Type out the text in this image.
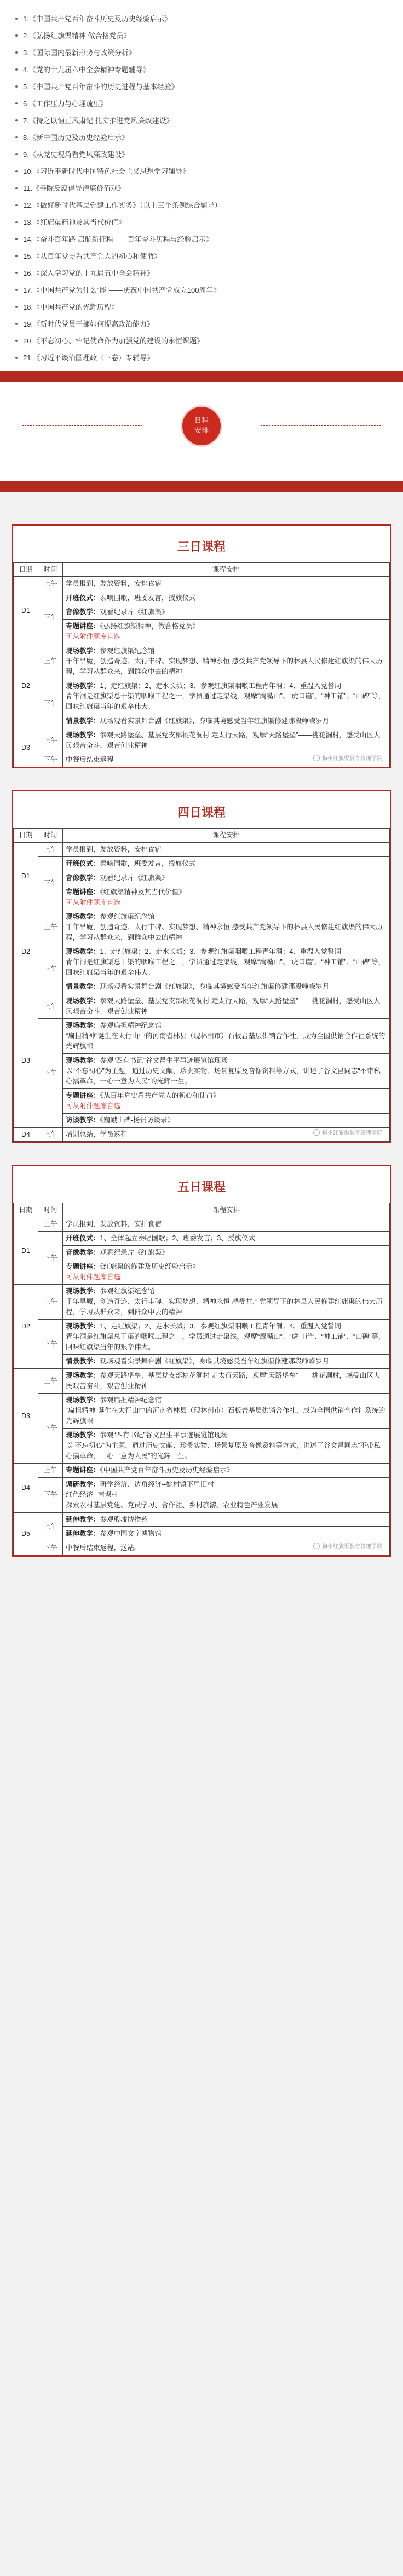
1.《中国共产党百年奋斗历史及历史经验启示》
2.《弘扬红旗渠精神 做合格党员》
3.《国际国内最新形势与政策分析》
4.《党的十九届六中全会精神专题辅导》
5.《中国共产党百年奋斗的历史进程与基本经验》
6.《工作压力与心理疏压》
7.《持之以恒正风肃纪 扎实推进党风廉政建设》
8.《新中国历史及历史经验启示》
9.《从党史视角看党风廉政建设》
10.《习近平新时代中国特色社会主义思想学习辅导》
11.《寺院反腐倡导清廉价值观》
12.《做好新时代基层党建工作实务》（以上三个条例综合辅导）
13.《红旗渠精神及其当代价值》
14.《奋斗百年路 启航新征程——百年奋斗历程与经验启示》
15.《从百年党史看共产党人的初心和使命》
16.《深入学习党的十九届五中全会精神》
17.《中国共产党为什么“能”——庆祝中国共产党成立100周年》
18.《中国共产党的光辉历程》
19.《新时代党员干部如何提高政治能力》
20.《不忘初心、牢记使命作为加强党的建设的永恒课题》
21.《习近平谈治国理政（三卷）专辅导》
日程
安排
三日课程
日期	时间	课程安排
D1	上午	学员报到，发放资料，安排食宿
	下午	开班仪式：泰嘀国歌，班委发言，授旗仪式
		音像教学：观看纪录片《红旗渠》
		专题讲座：《弘扬红旗渠精神，做合格党员》
可从附件题库自选
D2	上午	现场教学：参观红旗渠纪念馆
千年旱魔，创造奇迹、太行丰碑、实现梦想、精神永恒 感受共产党领导下的林县人民修建红旗渠的伟大历程，学习从群众来，到群众中去的精神
	下午	现场教学：1、走红旗渠；2、走水长城；3、参观红旗渠咽喉工程青年洞；4、重温入党誓词
青年洞是红旗渠总干渠的咽喉工程之一，学员通过走渠线，观摩“鹰嘴山”、“虎口崖”、“神工铺”、“山碑”等，回味红旗渠当年的艰辛伟大。
		情景教学：现场观看实景舞台剧《红旗渠》，身临其境感受当年红旗渠修建那段峥嵘岁月
D3	上午	现场教学：参观天路堡垒、基层党支部桃花洞村 走太行天路，观摩“天路堡垒”——桃花洞村，感受山区人民艰苦奋斗，艰苦创业精神
	下午	中餐后结束返程	梅州红旗渠教育管理学院
四日课程
日期	时间	课程安排
D1	上午	学员报到，发放资料，安排食宿
	下午	开班仪式：泰嘀国歌，班委发言，授旗仪式
		音像教学：观看纪录片《红旗渠》
		专题讲座：《红旗渠精神及其当代价值》
可从附件题库自选
D2	上午	现场教学：参观红旗渠纪念馆
千年旱魔，创造奇迹、太行丰碑、实现梦想、精神永恒 感受共产党领导下的林县人民修建红旗渠的伟大历程，学习从群众来，到群众中去的精神
	下午	现场教学：1、走红旗渠；2、走水长城；3、参观红旗渠咽喉工程青年洞；4、重温入党誓词
青年洞是红旗渠总干渠的咽喉工程之一，学员通过走渠线，观摩“鹰嘴山”、“虎口崖”、“神工铺”、“山碑”等，回味红旗渠当年的艰辛伟大。
		情景教学：现场观看实景舞台剧《红旗渠》，身临其境感受当年红旗渠修建那段峥嵘岁月
D3	上午	现场教学：参观天路堡垒、基层党支部桃花洞村 走太行天路，观摩“天路堡垒”——桃花洞村，感受山区人民艰苦奋斗，艰苦创业精神
	下午	现场教学：参观扁担精神纪念馆
“扁担精神”诞生在太行山中的河南省林县（现林州市）石板岩基层供销合作社，成为全国供销合作社系统的光辉旗帜
		现场教学：参观“四有书记”谷文昌生平事迹展览馆现场
以“不忘初心”为主题，通过历史文献、珍贵实物、场景复原及音像资料等方式，讲述了谷文昌同志“不带私心搞革命，一心一意为人民”的光辉一生。
		专题讲座：《从百年党史看共产党人的初心和使命》
可从附件题库自选
		访谈教学：《巍峨山碑-杨贵访谈录》
D4	上午	培训总结，学员返程	梅州红旗渠教育管理学院
五日课程
日期	时间	课程安排
D1	上午	学员报到，发放资料，安排食宿
	下午	开班仪式：1、全体起立奏唱国歌；2、班委发言；3、授旗仪式
		音像教学：观看纪录片《红旗渠》
		专题讲座：《红旗渠的修建及历史经验启示》
可从附件题库自选
D2	上午	现场教学：参观红旗渠纪念馆
千年旱魔，创造奇迹、太行丰碑、实现梦想、精神永恒 感受共产党领导下的林县人民修建红旗渠的伟大历程，学习从群众来，到群众中去的精神
	下午	现场教学：1、走红旗渠；2、走水长城；3、参观红旗渠咽喉工程青年洞；4、重温入党誓词
青年洞是红旗渠总干渠的咽喉工程之一，学员通过走渠线，观摩“鹰嘴山”、“虎口崖”、“神工铺”、“山碑”等，回味红旗渠当年的艰辛伟大。
		情景教学：现场观看实景舞台剧《红旗渠》，身临其境感受当年红旗渠修建那段峥嵘岁月
D3	上午	现场教学：参观天路堡垒、基层党支部桃花洞村 走太行天路，观摩“天路堡垒”——桃花洞村，感受山区人民艰苦奋斗，艰苦创业精神
	下午	现场教学：参观扁担精神纪念馆
“扁担精神”诞生在太行山中的河南省林县（现林州市）石板岩基层供销合作社，成为全国供销合作社系统的光辉旗帜
		现场教学：参观“四有书记”谷文昌生平事迹展览馆现场
以“不忘初心”为主题，通过历史文献、珍贵实物、场景复原及音像资料等方式，讲述了谷文昌同志“不带私心搞革命，一心一意为人民”的光辉一生。
D4	上午	专题讲座：《中国共产党百年奋斗历史及历史经验启示》
	下午	调研教学：研学经济、边角经济--姚村镇下里旧村
红色经济--南坝村
探索农村基层党建、党员学习、合作社、乡村旅游、农业特色产业发展
D5	上午	延伸教学：参观殷墟博物苑
		延伸教学：参观中国文字博物馆
	下午	中餐后结束返程，送站。	梅州红旗渠教育管理学院
